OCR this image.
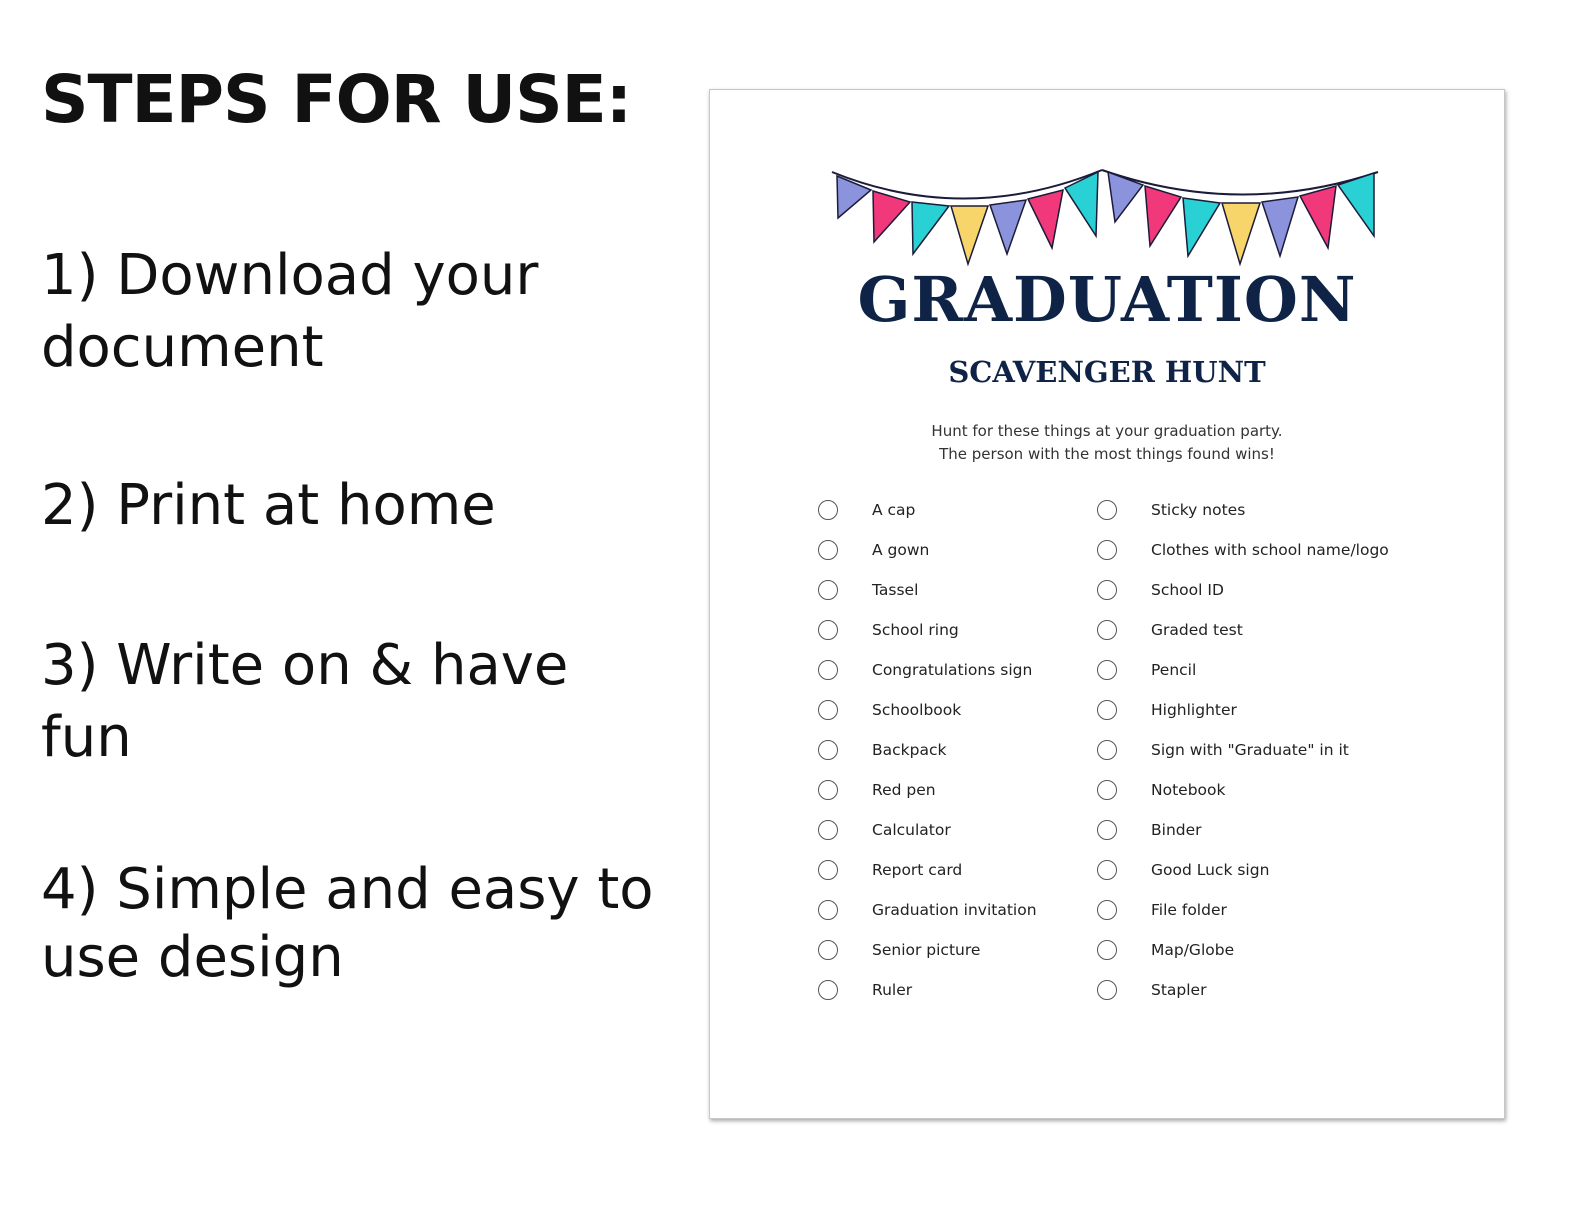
STEPS FOR USE:

1) Download your document

2) Print at home

3) Write on & have fun

4) Simple and easy to use design

GRADUATION
SCAVENGER HUNT
Hunt for these things at your graduation party.
The person with the most things found wins!
A cap
A gown
Tassel
School ring
Congratulations sign
Schoolbook
Backpack
Red pen
Calculator
Report card
Graduation invitation
Senior picture
Ruler
Sticky notes
Clothes with school name/logo
School ID
Graded test
Pencil
Highlighter
Sign with "Graduate" in it
Notebook
Binder
Good Luck sign
File folder
Map/Globe
Stapler
